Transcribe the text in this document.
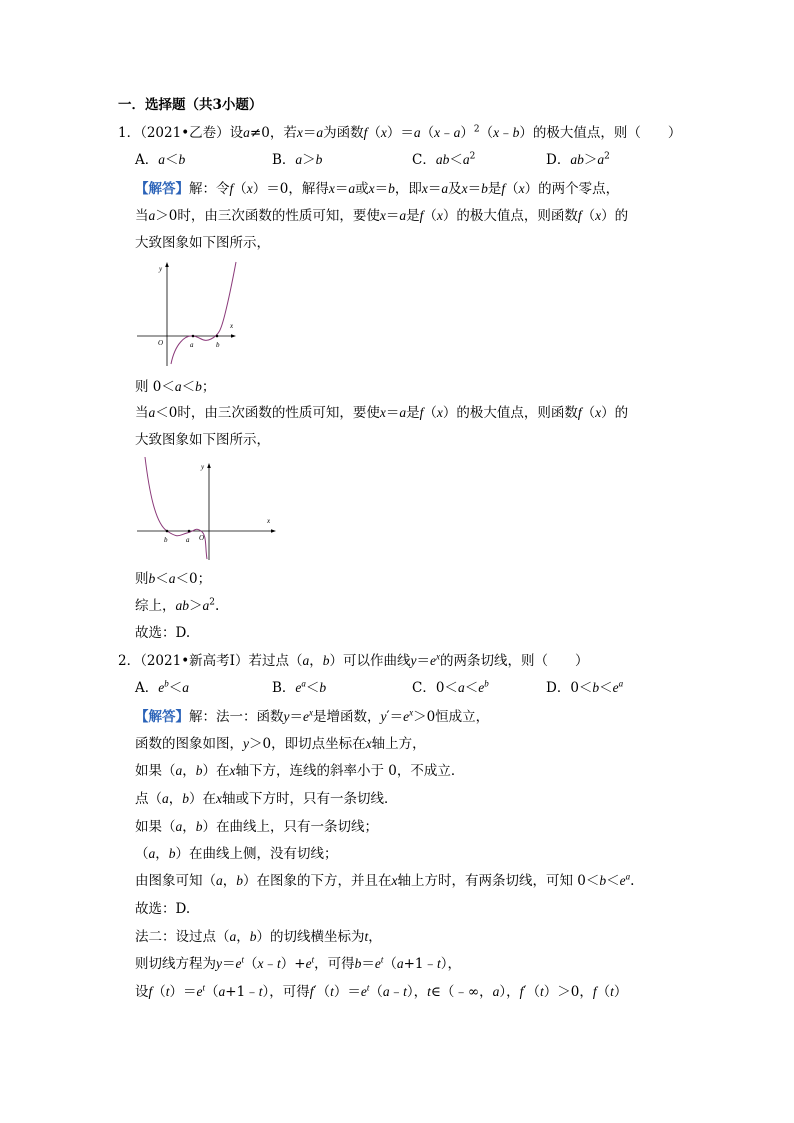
一．选择题（共3小题）
1．（2021•乙卷）设a≠0，若x＝a为函数f（x）＝a（x﹣a）$^2$（x﹣b）的极大值点，则（　　）
A．a＜b	B．a＞b	C．$ab<a^2$	D．$ab>a^2$
【解答】解：令f（x）＝0，解得x＝a或x＝b，即x＝a及x＝b是f（x）的两个零点，
当a＞0时，由三次函数的性质可知，要使x＝a是f（x）的极大值点，则函数f（x）的
大致图象如下图所示，
y
x
O	a	b
则 0＜a＜b；
当a＜0时，由三次函数的性质可知，要使x＝a是f（x）的极大值点，则函数f（x）的
大致图象如下图所示，
y
x
O
a
b
则b＜a＜0；
综上，$ab>a^2$.
故选：D.
2．（2021•新高考Ⅰ）若过点（a，b）可以作曲线$y=e^x$的两条切线，则（　　）
A．$e^b<a$	B．$e^a<b$	C．$0<a<e^b$	D．$0<b<e^a$
【解答】解：法一：函数$y=e^x$是增函数，$y'=e^x>0$恒成立，
函数的图象如图，y＞0，即切点坐标在x轴上方，
如果（a，b）在x轴下方，连线的斜率小于 0，不成立．
点（a，b）在x轴或下方时，只有一条切线．
如果（a，b）在曲线上，只有一条切线；
（a，b）在曲线上侧，没有切线；
由图象可知（a，b）在图象的下方，并且在x轴上方时，有两条切线，可知 $0<b<e^a$.
故选：D.
法二：设过点（a，b）的切线横坐标为t，
则切线方程为$y=e^t(x﹣t)+e^t$，可得$b=e^t(a+1﹣t)$，
设$f(t)=e^t(a+1﹣t)$，可得$f'(t)=e^t(a﹣t)$，t∈（﹣∞，a），f′（t）＞0，f（t）
